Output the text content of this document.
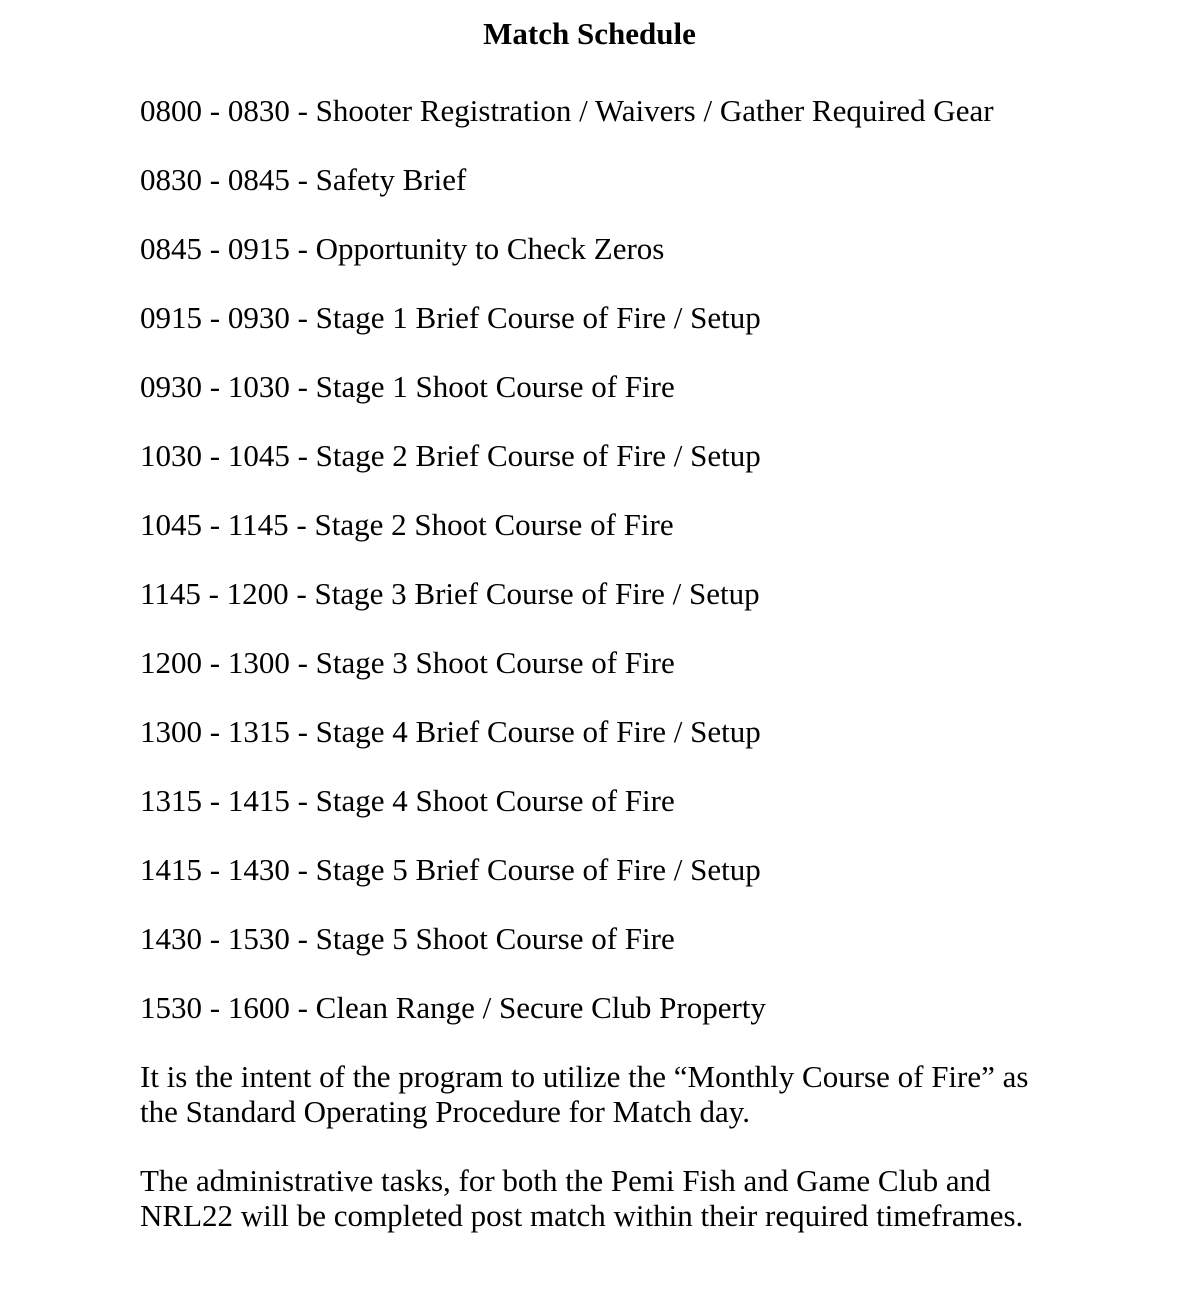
Match Schedule
0800 - 0830 - Shooter Registration / Waivers / Gather Required Gear
0830 - 0845 - Safety Brief
0845 - 0915 - Opportunity to Check Zeros
0915 - 0930 - Stage 1 Brief Course of Fire / Setup
0930 - 1030 - Stage 1 Shoot Course of Fire
1030 - 1045 - Stage 2 Brief Course of Fire / Setup
1045 - 1145 - Stage 2 Shoot Course of Fire
1145 - 1200 - Stage 3 Brief Course of Fire / Setup
1200 - 1300 - Stage 3 Shoot Course of Fire
1300 - 1315 - Stage 4 Brief Course of Fire / Setup
1315 - 1415 - Stage 4 Shoot Course of Fire
1415 - 1430 - Stage 5 Brief Course of Fire / Setup
1430 - 1530 - Stage 5 Shoot Course of Fire
1530 - 1600 - Clean Range / Secure Club Property
It is the intent of the program to utilize the “Monthly Course of Fire” as
the Standard Operating Procedure for Match day.
The administrative tasks, for both the Pemi Fish and Game Club and
NRL22 will be completed post match within their required timeframes.
